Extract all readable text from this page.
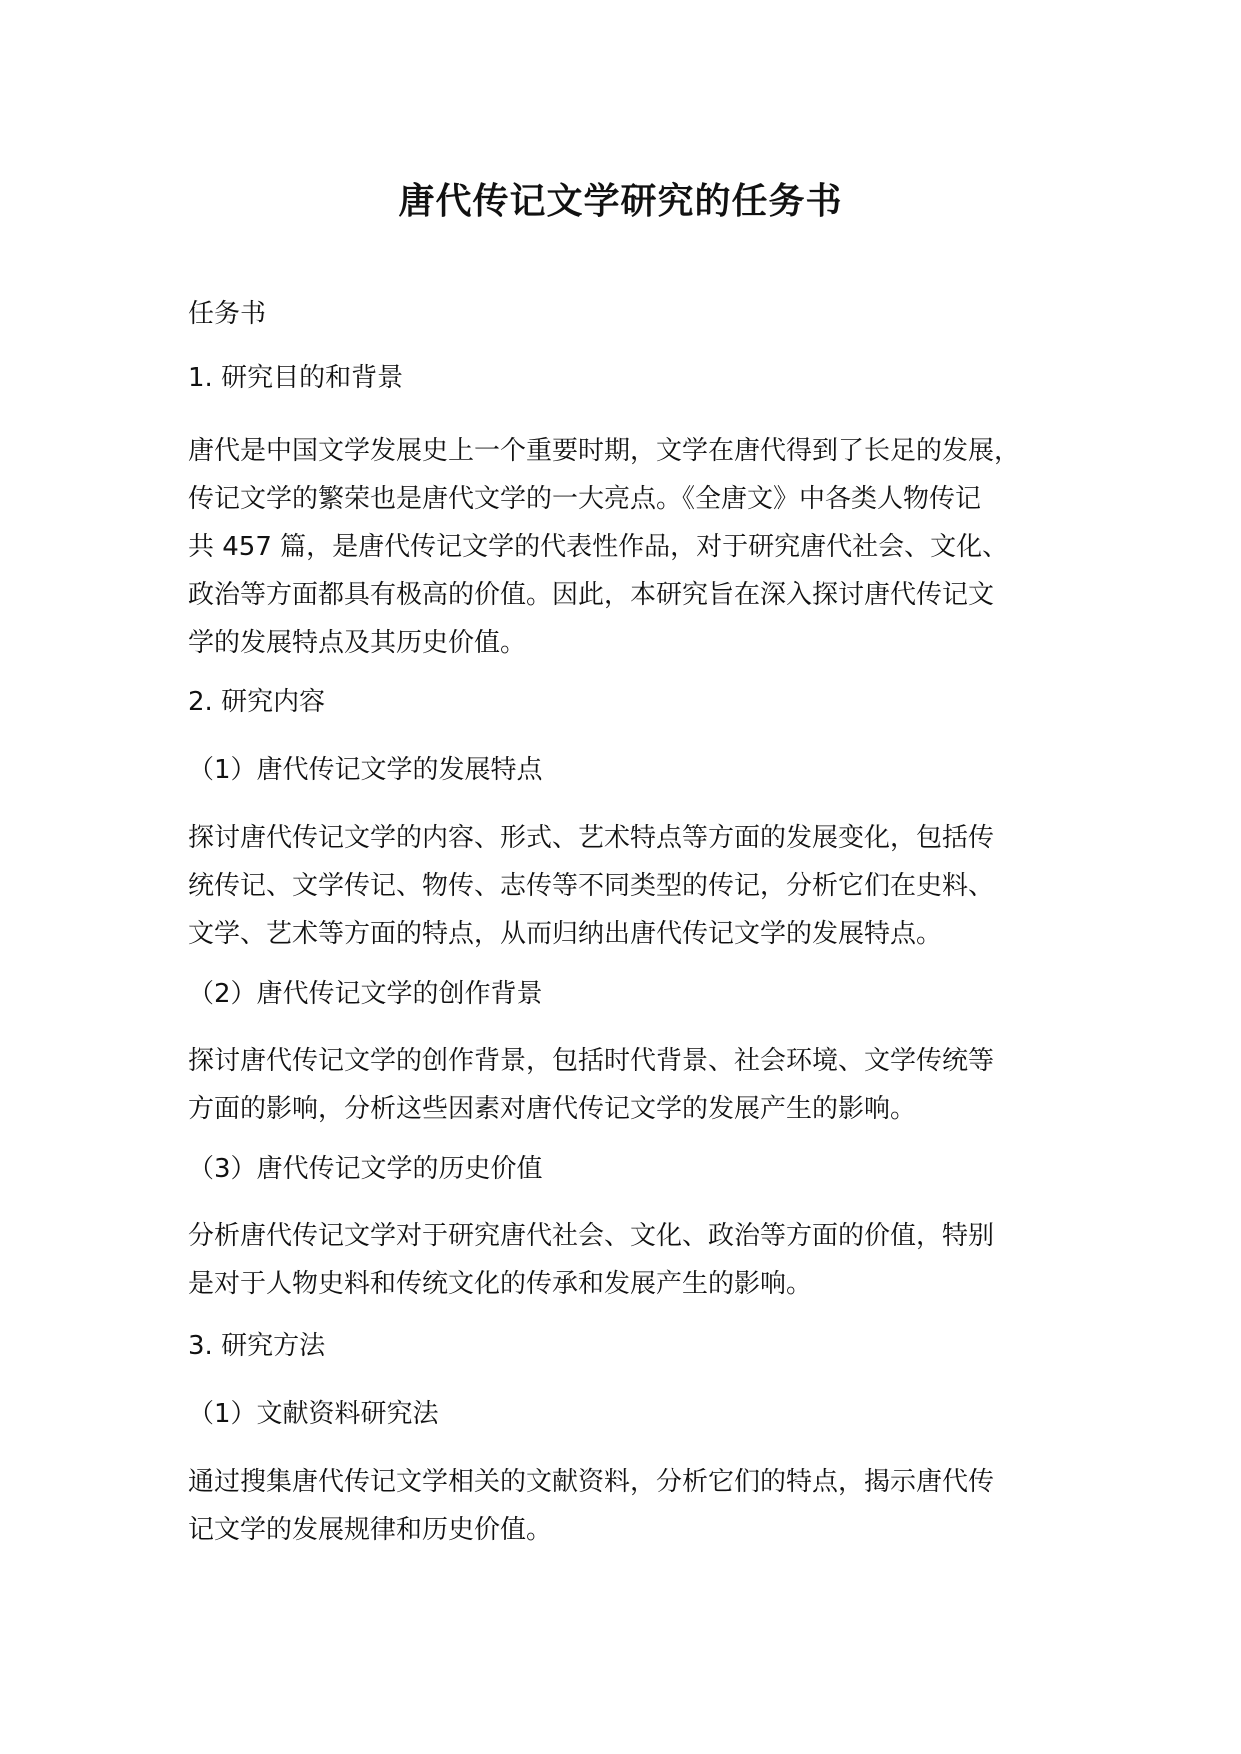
唐代传记文学研究的任务书

任务书

1. 研究目的和背景

唐代是中国文学发展史上一个重要时期，文学在唐代得到了长足的发展，
传记文学的繁荣也是唐代文学的一大亮点。《全唐文》中各类人物传记
共 457 篇，是唐代传记文学的代表性作品，对于研究唐代社会、文化、
政治等方面都具有极高的价值。因此，本研究旨在深入探讨唐代传记文
学的发展特点及其历史价值。

2. 研究内容

（1）唐代传记文学的发展特点

探讨唐代传记文学的内容、形式、艺术特点等方面的发展变化，包括传
统传记、文学传记、物传、志传等不同类型的传记，分析它们在史料、
文学、艺术等方面的特点，从而归纳出唐代传记文学的发展特点。

（2）唐代传记文学的创作背景

探讨唐代传记文学的创作背景，包括时代背景、社会环境、文学传统等
方面的影响，分析这些因素对唐代传记文学的发展产生的影响。

（3）唐代传记文学的历史价值

分析唐代传记文学对于研究唐代社会、文化、政治等方面的价值，特别
是对于人物史料和传统文化的传承和发展产生的影响。

3. 研究方法

（1）文献资料研究法

通过搜集唐代传记文学相关的文献资料，分析它们的特点，揭示唐代传
记文学的发展规律和历史价值。
